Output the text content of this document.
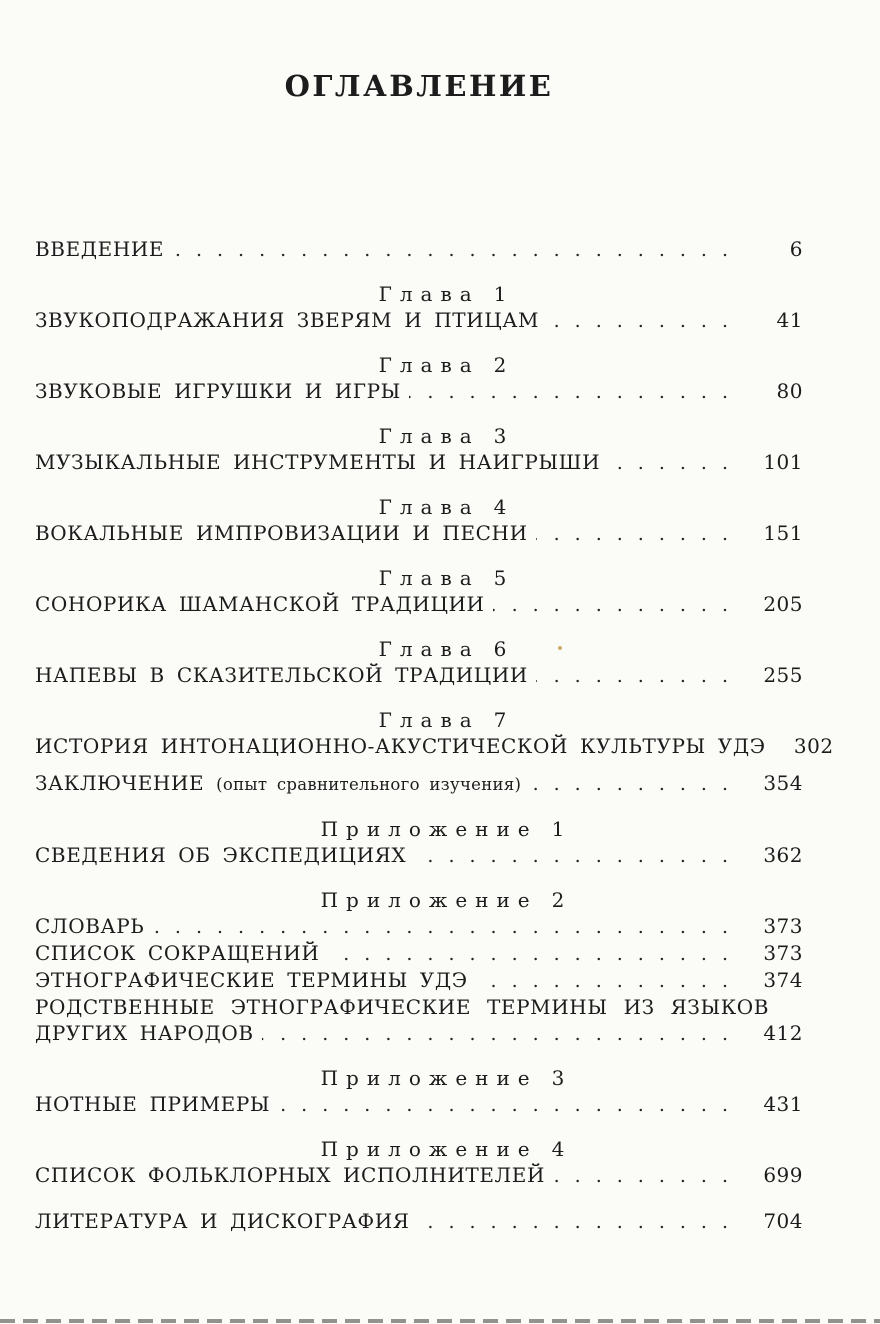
ОГЛАВЛЕНИЕ
ВВЕДЕНИЕ .....	6
Глава 1
ЗВУКОПОДРАЖАНИЯ ЗВЕРЯМ И ПТИЦАМ .....	41
Глава 2
ЗВУКОВЫЕ ИГРУШКИ И ИГРЫ .....	80
Глава 3
МУЗЫКАЛЬНЫЕ ИНСТРУМЕНТЫ И НАИГРЫШИ .....	101
Глава 4
ВОКАЛЬНЫЕ ИМПРОВИЗАЦИИ И ПЕСНИ .....	151
Глава 5
СОНОРИКА ШАМАНСКОЙ ТРАДИЦИИ .....	205
Глава 6
НАПЕВЫ В СКАЗИТЕЛЬСКОЙ ТРАДИЦИИ .....	255
Глава 7
ИСТОРИЯ ИНТОНАЦИОННО-АКУСТИЧЕСКОЙ КУЛЬТУРЫ УДЭ	302
ЗАКЛЮЧЕНИЕ (опыт сравнительного изучения) .....	354
Приложение 1
СВЕДЕНИЯ ОБ ЭКСПЕДИЦИЯХ .....	362
Приложение 2
СЛОВАРЬ .....	373
СПИСОК СОКРАЩЕНИЙ .....	373
ЭТНОГРАФИЧЕСКИЕ ТЕРМИНЫ УДЭ .....	374
РОДСТВЕННЫЕ ЭТНОГРАФИЧЕСКИЕ ТЕРМИНЫ ИЗ ЯЗЫКОВ
ДРУГИХ НАРОДОВ .....	412
Приложение 3
НОТНЫЕ ПРИМЕРЫ .....	431
Приложение 4
СПИСОК ФОЛЬКЛОРНЫХ ИСПОЛНИТЕЛЕЙ .....	699
ЛИТЕРАТУРА И ДИСКОГРАФИЯ .....	704
